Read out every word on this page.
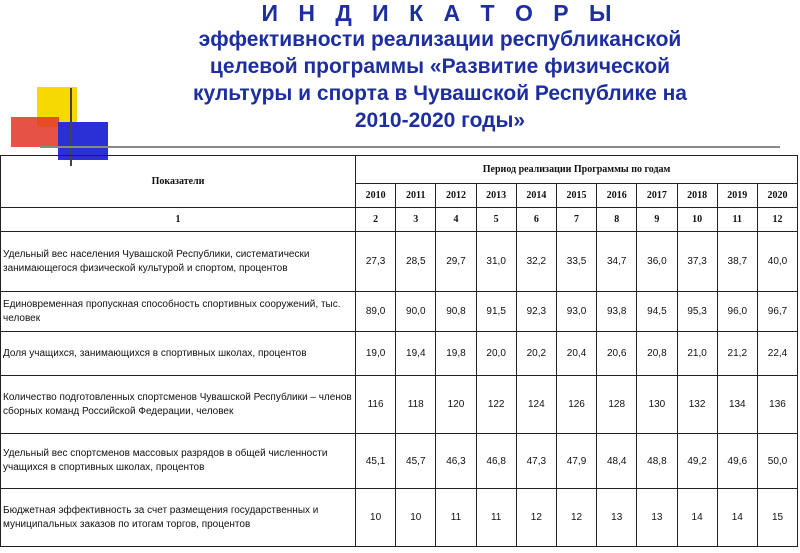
И Н Д И К А Т О Р Ы
эффективности реализации республиканской
целевой программы «Развитие физической
культуры и спорта в Чувашской Республике на
2010-2020 годы»
Показатели	Период реализации Программы по годам										
	2010	2011	2012	2013	2014	2015	2016	2017	2018	2019	2020
1	2	3	4	5	6	7	8	9	10	11	12
Удельный вес населения Чувашской Республики, систематически занимающегося физической культурой и спортом, процентов	27,3	28,5	29,7	31,0	32,2	33,5	34,7	36,0	37,3	38,7	40,0
Единовременная пропускная способность спортивных сооружений, тыс. человек	89,0	90,0	90,8	91,5	92,3	93,0	93,8	94,5	95,3	96,0	96,7
Доля учащихся, занимающихся в спортивных школах, процентов	19,0	19,4	19,8	20,0	20,2	20,4	20,6	20,8	21,0	21,2	22,4
Количество подготовленных спортсменов Чувашской Республики – членов сборных команд Российской Федерации, человек	116	118	120	122	124	126	128	130	132	134	136
Удельный вес спортсменов массовых разрядов в общей численности учащихся в спортивных школах, процентов	45,1	45,7	46,3	46,8	47,3	47,9	48,4	48,8	49,2	49,6	50,0
Бюджетная эффективность за счет размещения государственных и муниципальных заказов по итогам торгов, процентов	10	10	11	11	12	12	13	13	14	14	15
